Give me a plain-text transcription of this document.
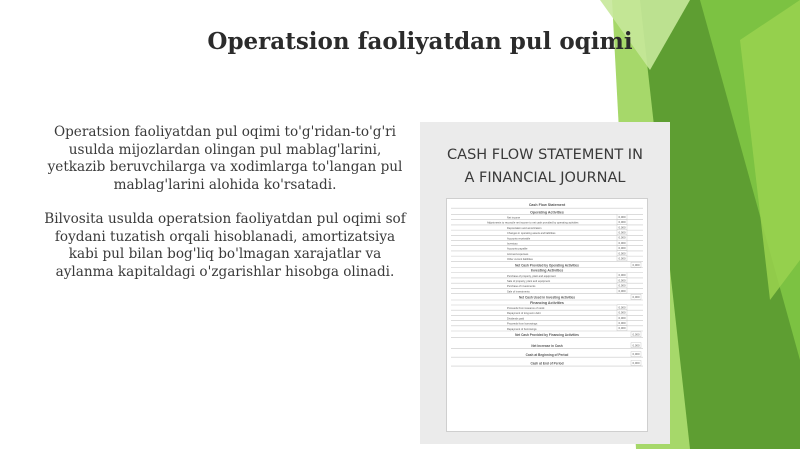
Operatsion faoliyatdan pul oqimi

Operatsion faoliyatdan pul oqimi to'g'ridan-to'g'ri usulda mijozlardan olingan pul mablag'larini, yetkazib beruvchilarga va xodimlarga to'langan pul mablag'larini alohida ko'rsatadi.

Bilvosita usulda operatsion faoliyatdan pul oqimi sof foydani tuzatish orqali hisoblanadi, amortizatsiya kabi pul bilan bog'liq bo'lmagan xarajatlar va aylanma kapitaldagi o'zgarishlar hisobga olinadi.

CASH FLOW STATEMENT IN
A FINANCIAL JOURNAL
Cash Flow Statement
Operating Activities
Net income	0,000
Adjustments to reconcile net income to net cash provided by operating activities	0,000
Depreciation and amortization	0,000
Changes in operating assets and liabilities	0,000
Accounts receivable	0,000
Inventory	0,000
Accounts payable	0,000
Accrued expenses	0,000
Other current liabilities	0,000
Net Cash Provided by Operating Activities	0,000
Investing Activities
Purchase of property, plant and equipment	0,000
Sale of property, plant and equipment	0,000
Purchase of investments	0,000
Sale of investments	0,000
Net Cash Used in Investing Activities	0,000
Financing Activities
Proceeds from issuance of stock	0,000
Repayment of long-term debt	0,000
Dividends paid	0,000
Proceeds from borrowings	0,000
Repayment of borrowings	0,000
Net Cash Provided by Financing Activities	0,000
Net Increase in Cash	0,000
Cash at Beginning of Period	0,000
Cash at End of Period	0,000
